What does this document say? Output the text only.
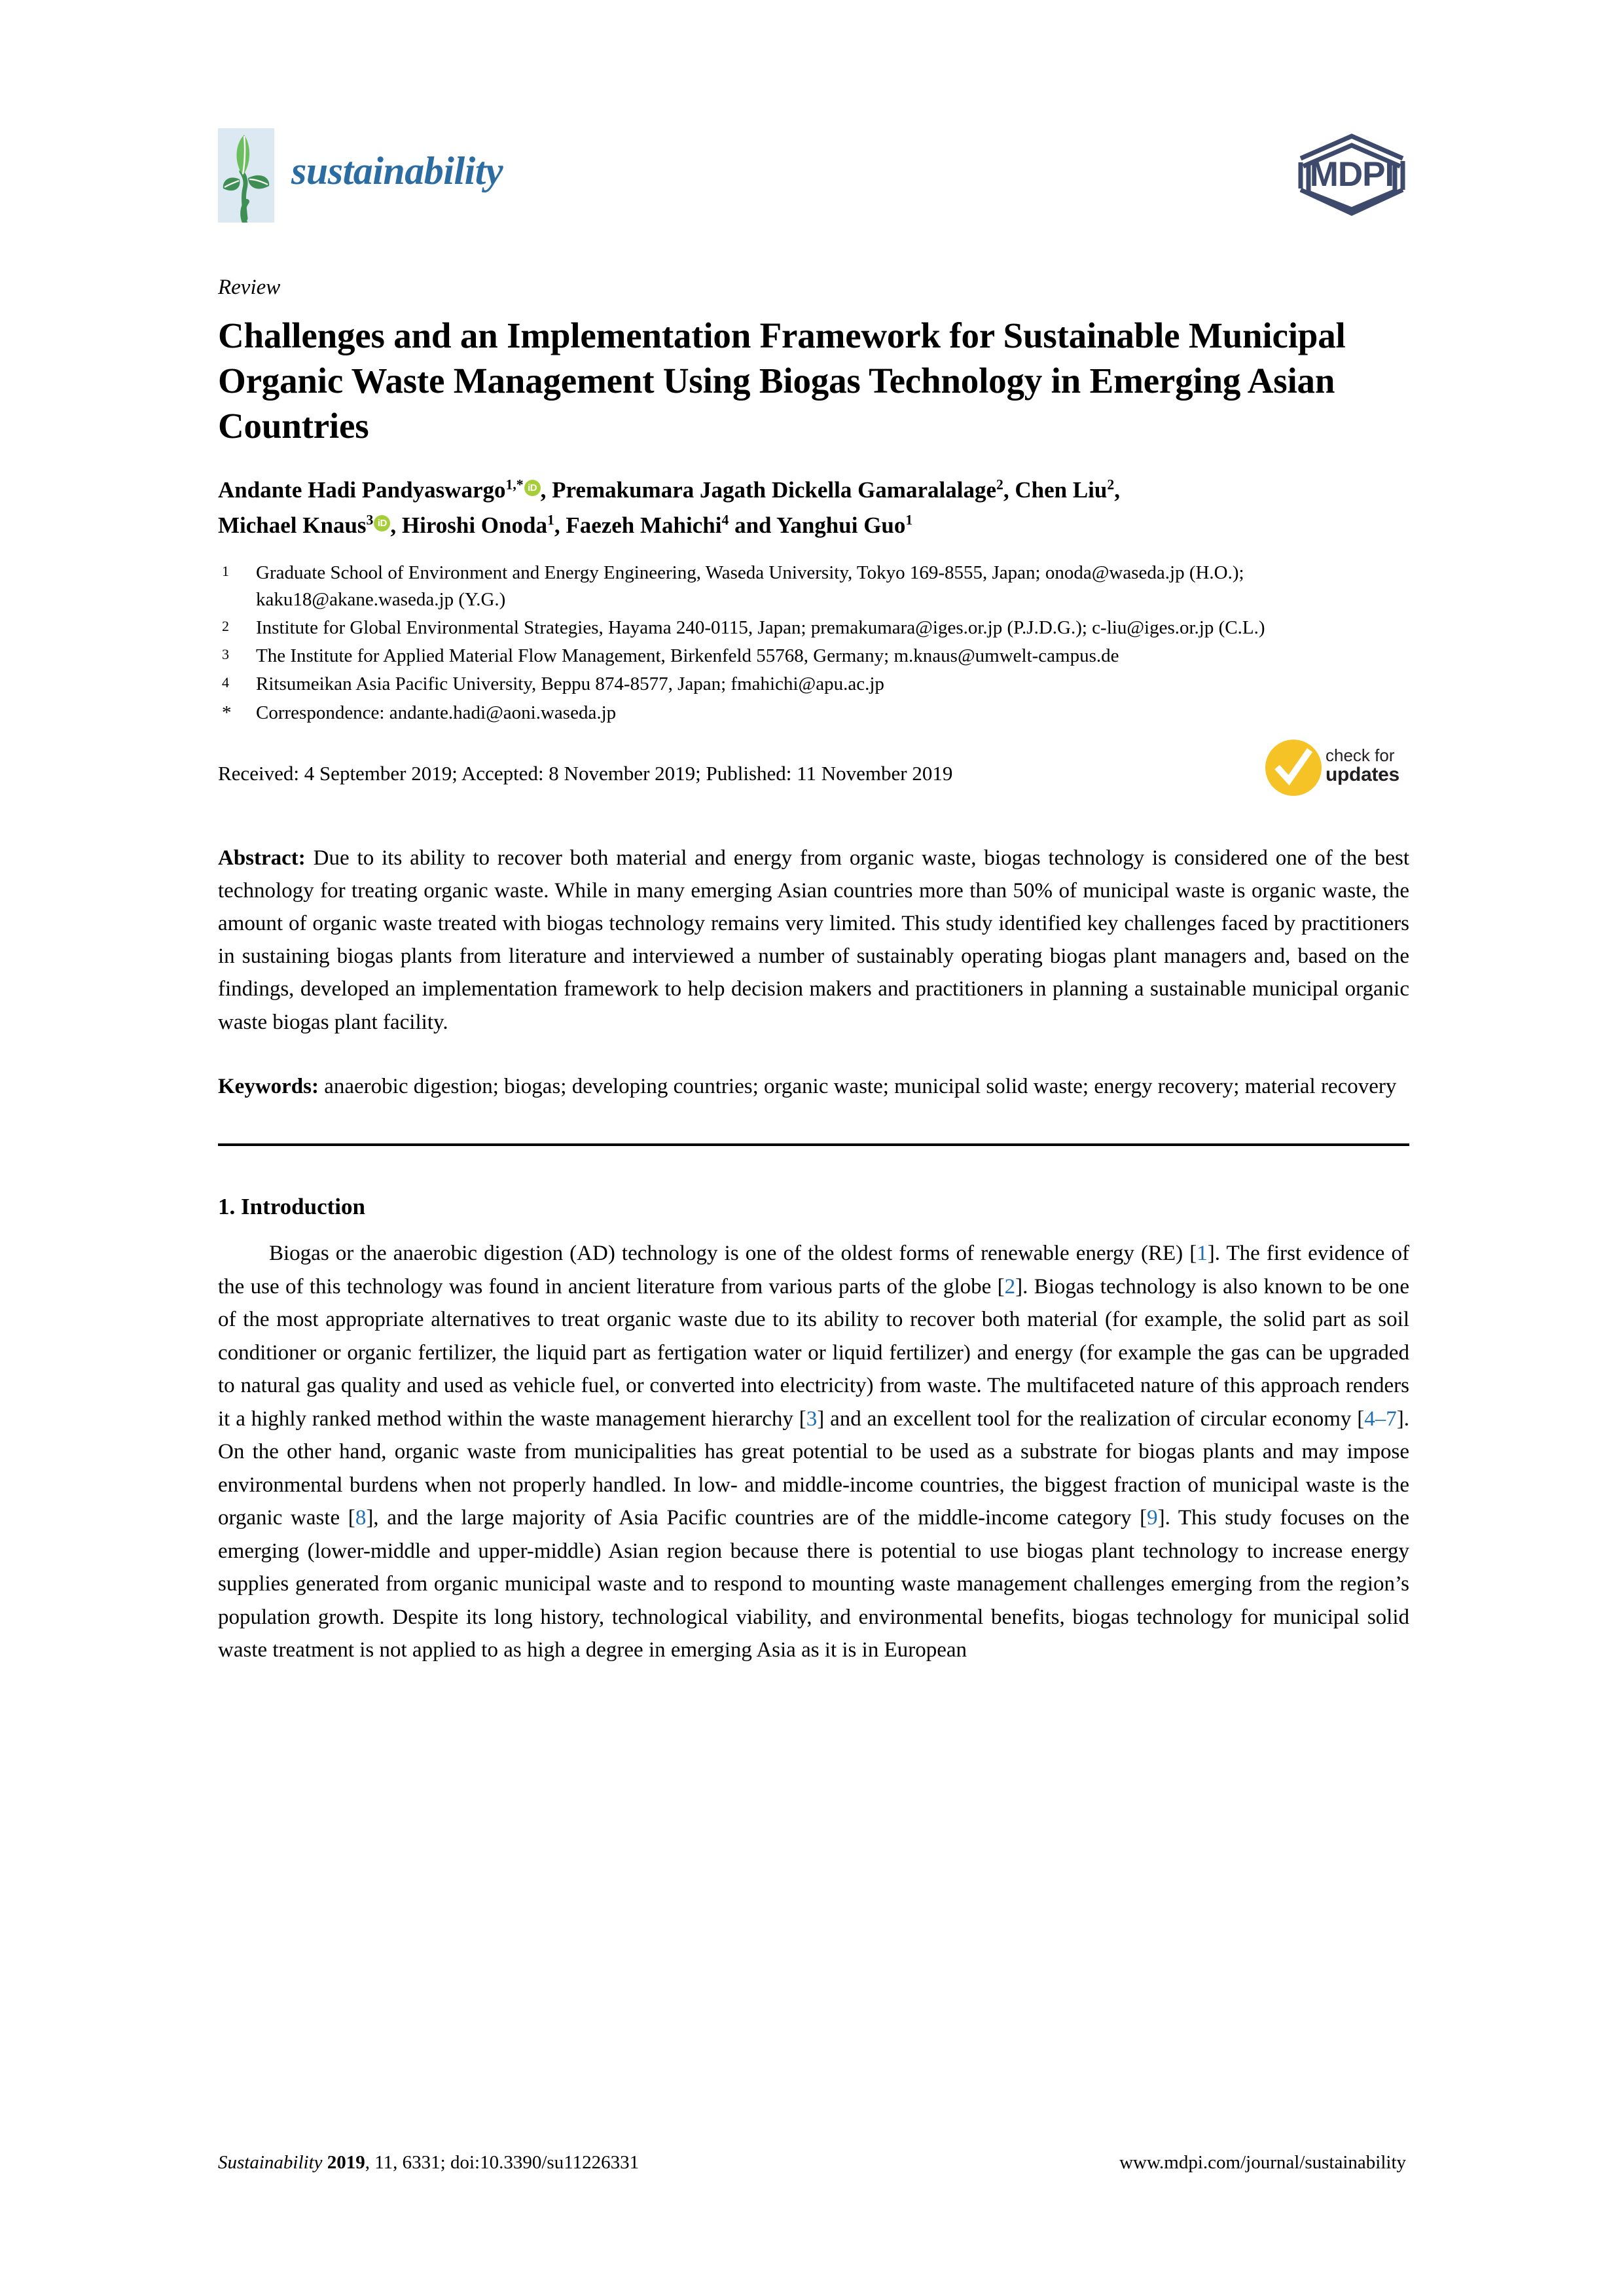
sustainability	MDPI
Review
Challenges and an Implementation Framework for Sustainable Municipal Organic Waste Management Using Biogas Technology in Emerging Asian Countries
Andante Hadi Pandyaswargo$^{1,*}$ iD , Premakumara Jagath Dickella Gamaralalage$^2$, Chen Liu$^2$,
Michael Knaus$^3$ iD , Hiroshi Onoda$^1$, Faezeh Mahichi$^4$ and Yanghui Guo$^1$
1	Graduate School of Environment and Energy Engineering, Waseda University, Tokyo 169-8555, Japan; onoda@waseda.jp (H.O.); kaku18@akane.waseda.jp (Y.G.)
2	Institute for Global Environmental Strategies, Hayama 240-0115, Japan; premakumara@iges.or.jp (P.J.D.G.); c-liu@iges.or.jp (C.L.)
3	The Institute for Applied Material Flow Management, Birkenfeld 55768, Germany; m.knaus@umwelt-campus.de
4	Ritsumeikan Asia Pacific University, Beppu 874-8577, Japan; fmahichi@apu.ac.jp
*	Correspondence: andante.hadi@aoni.waseda.jp
Received: 4 September 2019; Accepted: 8 November 2019; Published: 11 November 2019
check for
updates
Abstract: Due to its ability to recover both material and energy from organic waste, biogas technology is considered one of the best technology for treating organic waste. While in many emerging Asian countries more than 50% of municipal waste is organic waste, the amount of organic waste treated with biogas technology remains very limited. This study identified key challenges faced by practitioners in sustaining biogas plants from literature and interviewed a number of sustainably operating biogas plant managers and, based on the findings, developed an implementation framework to help decision makers and practitioners in planning a sustainable municipal organic waste biogas plant facility.
Keywords: anaerobic digestion; biogas; developing countries; organic waste; municipal solid waste; energy recovery; material recovery
1. Introduction

Biogas or the anaerobic digestion (AD) technology is one of the oldest forms of renewable energy (RE) [1]. The first evidence of the use of this technology was found in ancient literature from various parts of the globe [2]. Biogas technology is also known to be one of the most appropriate alternatives to treat organic waste due to its ability to recover both material (for example, the solid part as soil conditioner or organic fertilizer, the liquid part as fertigation water or liquid fertilizer) and energy (for example the gas can be upgraded to natural gas quality and used as vehicle fuel, or converted into electricity) from waste. The multifaceted nature of this approach renders it a highly ranked method within the waste management hierarchy [3] and an excellent tool for the realization of circular economy [4–7]. On the other hand, organic waste from municipalities has great potential to be used as a substrate for biogas plants and may impose environmental burdens when not properly handled. In low- and middle-income countries, the biggest fraction of municipal waste is the organic waste [8], and the large majority of Asia Pacific countries are of the middle-income category [9]. This study focuses on the emerging (lower-middle and upper-middle) Asian region because there is potential to use biogas plant technology to increase energy supplies generated from organic municipal waste and to respond to mounting waste management challenges emerging from the region’s population growth. Despite its long history, technological viability, and environmental benefits, biogas technology for municipal solid waste treatment is not applied to as high a degree in emerging Asia as it is in European

Sustainability 2019, 11, 6331; doi:10.3390/su11226331	www.mdpi.com/journal/sustainability
